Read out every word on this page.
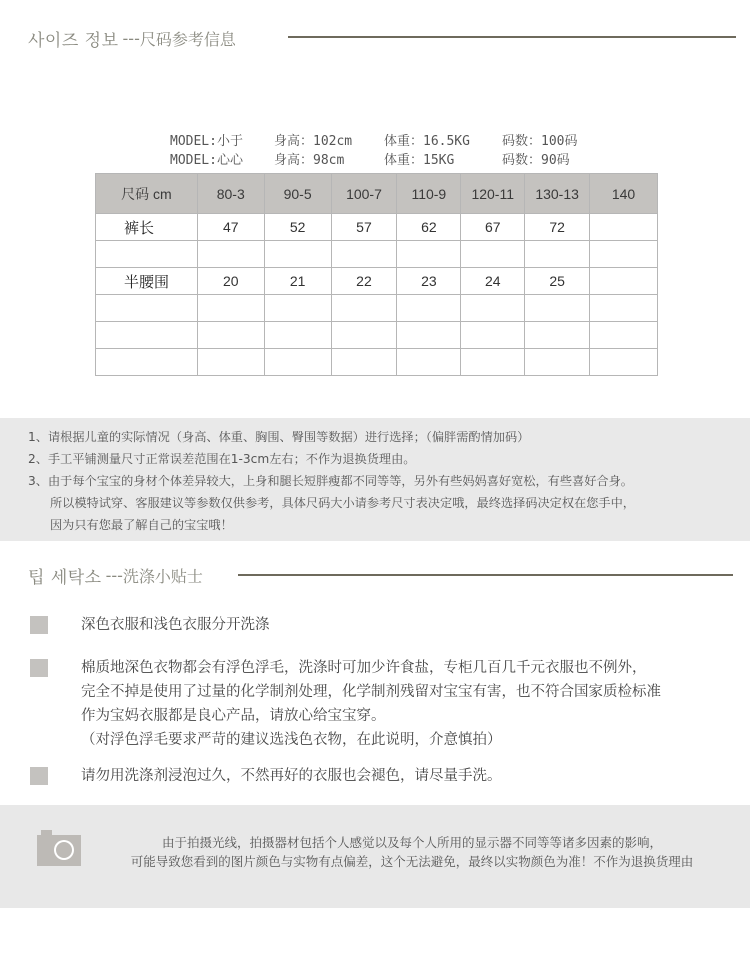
사이즈 정보 --- 尺码参考信息
MODEL:小于	身高：102cm	体重：16.5KG	码数：100码
MODEL:心心	身高：98cm	体重：15KG	码数：90码
尺码 cm	80-3	90-5	100-7	110-9	120-11	130-13	140
裤长	47	52	57	62	67	72	

半腰围	20	21	22	23	24	25	

1、请根据儿童的实际情况（身高、体重、胸围、臀围等数据）进行选择；（偏胖需酌情加码）

2、手工平铺测量尺寸正常误差范围在1-3cm左右；不作为退换货理由。

3、由于每个宝宝的身材个体差异较大，上身和腿长短胖瘦都不同等等，另外有些妈妈喜好宽松，有些喜好合身。

所以模特试穿、客服建议等参数仅供参考，具体尺码大小请参考尺寸表决定哦，最终选择码决定权在您手中，

因为只有您最了解自己的宝宝哦！

팁 세탁소 --- 洗涤小贴士
深色衣服和浅色衣服分开洗涤
棉质地深色衣物都会有浮色浮毛，洗涤时可加少许食盐，专柜几百几千元衣服也不例外，
完全不掉是使用了过量的化学制剂处理，化学制剂残留对宝宝有害，也不符合国家质检标准
作为宝妈衣服都是良心产品，请放心给宝宝穿。
（对浮色浮毛要求严苛的建议选浅色衣物，在此说明，介意慎拍）
请勿用洗涤剂浸泡过久，不然再好的衣服也会褪色，请尽量手洗。

由于拍摄光线，拍摄器材包括个人感觉以及每个人所用的显示器不同等等诸多因素的影响，

可能导致您看到的图片颜色与实物有点偏差，这个无法避免，最终以实物颜色为准！不作为退换货理由
